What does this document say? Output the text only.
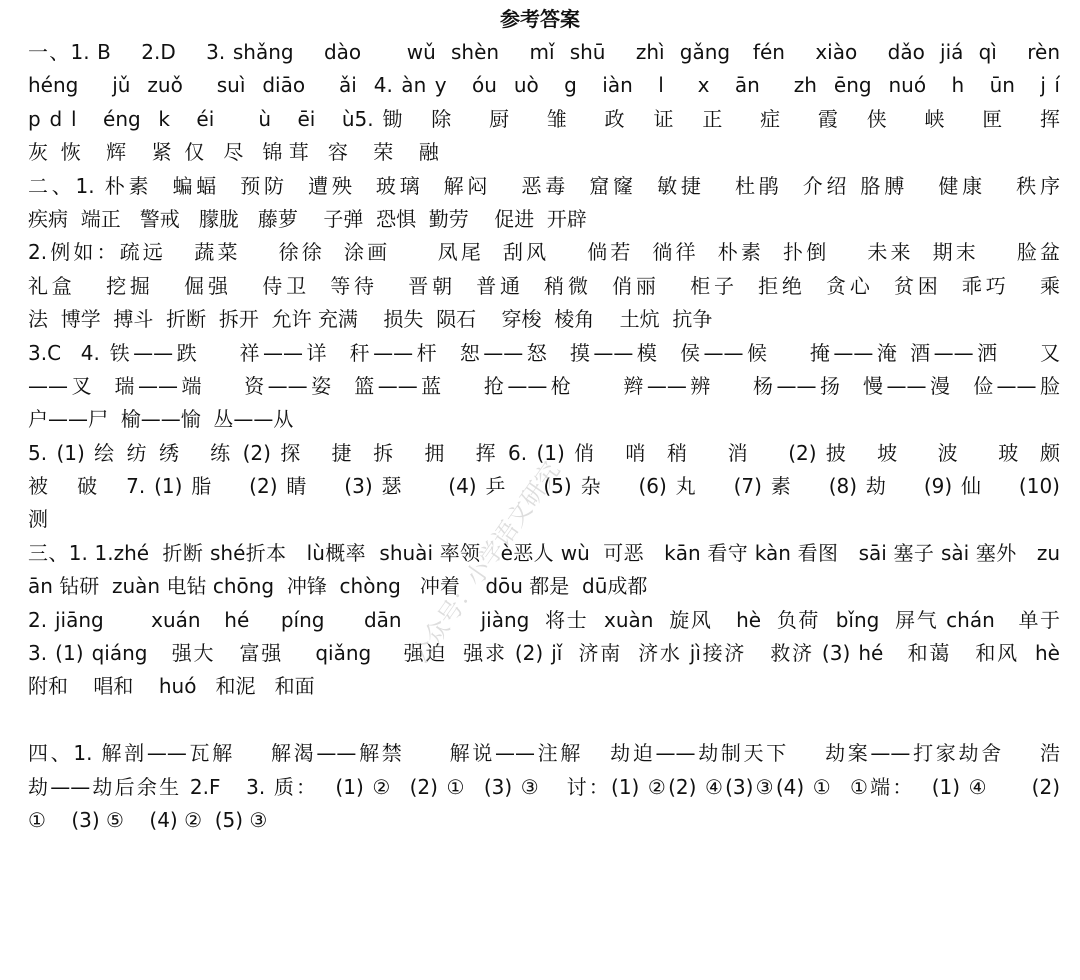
参考答案
一、1. B    2.D    3. shǎng    dào      wǔ  shèn    mǐ  shū    zhì  gǎng   fén    xiào    dǎo  jiá  qì    rèn
héng    jǔ  zuǒ    suì  diāo    ǎi  4. àn y   óu  uò   g   iàn   l    x   ān    zh  ēng  nuó   h   ūn   j í
p d l   éng  k   éi     ù   ēi   ù5. 锄   除    厨    雏    政   证   正    症    霞   侠    峡    匣    挥
灰  恢    辉    紧  仅   尽   锦 茸   容    荣    融
二、1. 朴素  蝙蝠  预防  遭殃  玻璃  解闷   恶毒  窟窿  敏捷   杜鹃  介绍 胳膊   健康   秩序
疾病  端正   警戒   朦胧   藤萝    子弹  恐惧  勤劳    促进  开辟
2.例如：疏远   蔬菜    徐徐  涂画     凤尾  刮风    倘若  徜徉  朴素  扑倒    未来  期末    脸盆
礼盒   挖掘   倔强   侍卫  等待   晋朝  普通  稍微  俏丽   柜子  拒绝  贪心  贫困  乖巧   乘
法  博学  搏斗  折断  拆开  允许 充满    损失  陨石    穿梭  棱角    土炕  抗争
3.C  4. 铁——跌    祥——详  秆——杆  恕——怒  摸——模  侯——候    掩——淹 酒——洒    又
——叉  瑞——端    资——姿  篮——蓝    抢——枪     辫——辨    杨——扬  慢——漫  俭——脸
户——尸  榆——愉  丛——从
5. (1) 绘 纺 绣   练 (2) 探   捷  拆   拥   挥 6. (1) 俏   哨  稍    消    (2) 披   坡    波    玻  颇
被   破   7. (1) 脂    (2) 睛    (3) 瑟     (4) 乒    (5) 杂    (6) 丸    (7) 素    (8) 劫    (9) 仙    (10)
测
三、1. 1.zhé  折断 shé折本   lù概率  shuài 率领   è恶人 wù  可恶   kān 看守 kàn 看图   sāi 塞子 sài 塞外   zu
ān 钻研  zuàn 电钻 chōng  冲锋  chòng   冲着    dōu 都是  dū成都
2. jiāng      xuán   hé    píng     dān          jiàng  将士  xuàn  旋风   hè  负荷  bǐng  屏气 chán   单于
3. (1) qiáng   强大   富强    qiǎng    强迫  强求 (2) jǐ  济南  济水 jì接济   救济 (3) hé   和蔼   和风  hè
附和    唱和    huó   和泥   和面
四、1. 解剖——瓦解    解渴——解禁     解说——注解   劫迫——劫制天下    劫案——打家劫舍    浩
劫——劫后余生 2.F   3. 质：  (1) ②  (2) ①  (3) ③   讨：(1) ②(2) ④(3)③(4) ①  ①端：  (1) ④     (2)
①    (3) ⑤    (4) ②  (5) ③
公众号：小学语文研究
